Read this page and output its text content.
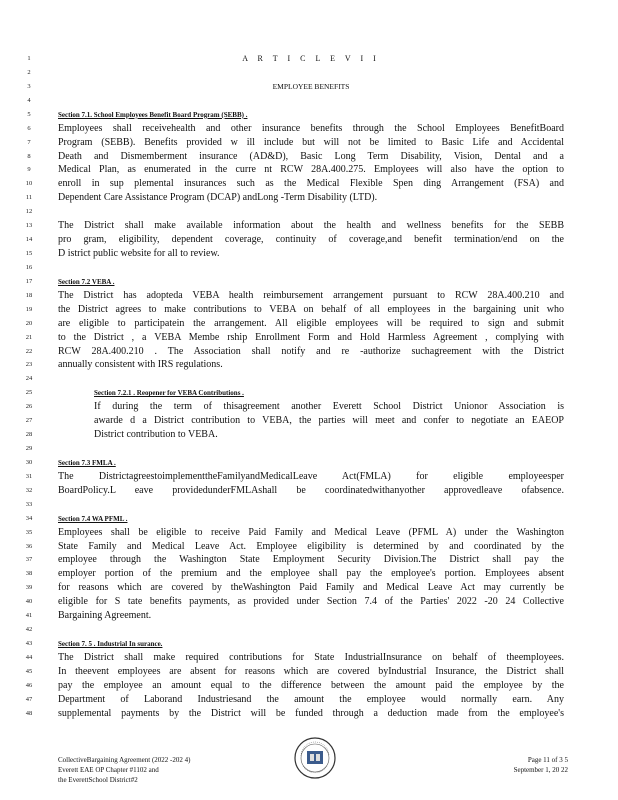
1	A R T I C L E V I I
2
3	EMPLOYEE BENEFITS
4
5	Section 7.1. School Employees Benefit Board Program (SEBB) .
6	Employees shall receivehealth and other insurance benefits through the School Employees BenefitBoard
7	Program (SEBB). Benefits provided w ill include but will not be limited to Basic Life and Accidental
8	Death and Dismemberment insurance (AD&D), Basic Long Term Disability, Vision, Dental and a
9	Medical Plan, as enumerated in the curre nt RCW 28A.400.275. Employees will also have the option to
10	enroll in sup plemental insurances such as the Medical Flexible Spen ding Arrangement (FSA) and
11	Dependent Care Assistance Program (DCAP) andLong -Term Disability (LTD).
12
13	The District shall make available information about the health and wellness benefits for the SEBB
14	pro gram, eligibility, dependent coverage, continuity of coverage,and benefit termination/end on the
15	D istrict public website for all to review.
16
17	Section 7.2 VEBA .
18	The District has adopteda VEBA health reimbursement arrangement pursuant to RCW 28A.400.210 and
19	the District agrees to make contributions to VEBA on behalf of all employees in the bargaining unit who
20	are eligible to participatein the arrangement. All eligible employees will be required to sign and submit
21	to the District , a VEBA Membe rship Enrollment Form and Hold Harmless Agreement , complying with
22	RCW 28A.400.210 . The Association shall notify and re -authorize suchagreement with the District
23	annually consistent with IRS regulations.
24
25	Section 7.2.1 . Reopener for VEBA Contributions .
26	If during the term of thisagreement another Everett School District Unionor Association is
27	awarde d a District contribution to VEBA, the parties will meet and confer to negotiate an EAEOP
28	District contribution to VEBA.
29
30	Section 7.3 FMLA .
31	The DistrictagreestoimplementtheFamilyandMedicalLeave Act(FMLA) for eligible employeesper
32	BoardPolicy.L eave providedunderFMLAshall be coordinatedwithanyother approvedleave ofabsence.
33
34	Section 7.4 WA PFML .
35	Employees shall be eligible to receive Paid Family and Medical Leave (PFML A) under the Washington
36	State Family and Medical Leave Act. Employee eligibility is determined by and coordinated by the
37	employee through the Washington State Employment Security Division.The District shall pay the
38	employer portion of the premium and the employee shall pay the employee's portion. Employees absent
39	for reasons which are covered by theWashington Paid Family and Medical Leave Act may currently be
40	eligible for S tate benefits payments, as provided under Section 7.4 of the Parties' 2022 -20 24 Collective
41	Bargaining Agreement.
42
43	Section 7. 5 . Industrial In surance.
44	The District shall make required contributions for State IndustrialInsurance on behalf of theemployees.
45	In theevent employees are absent for reasons which are covered byIndustrial Insurance, the District shall
46	pay the employee an amount equal to the difference between the amount paid the employee by the
47	Department of Laborand Industriesand the amount the employee would normally earn. Any
48	supplemental payments by the District will be funded through a deduction made from the employee's
CollectiveBargaining Agreement (2022 -202 4)
Everett EAE OP Chapter #1102 and
the EverettSchool District#2
Page 11 of 3 5
September 1, 20 22
